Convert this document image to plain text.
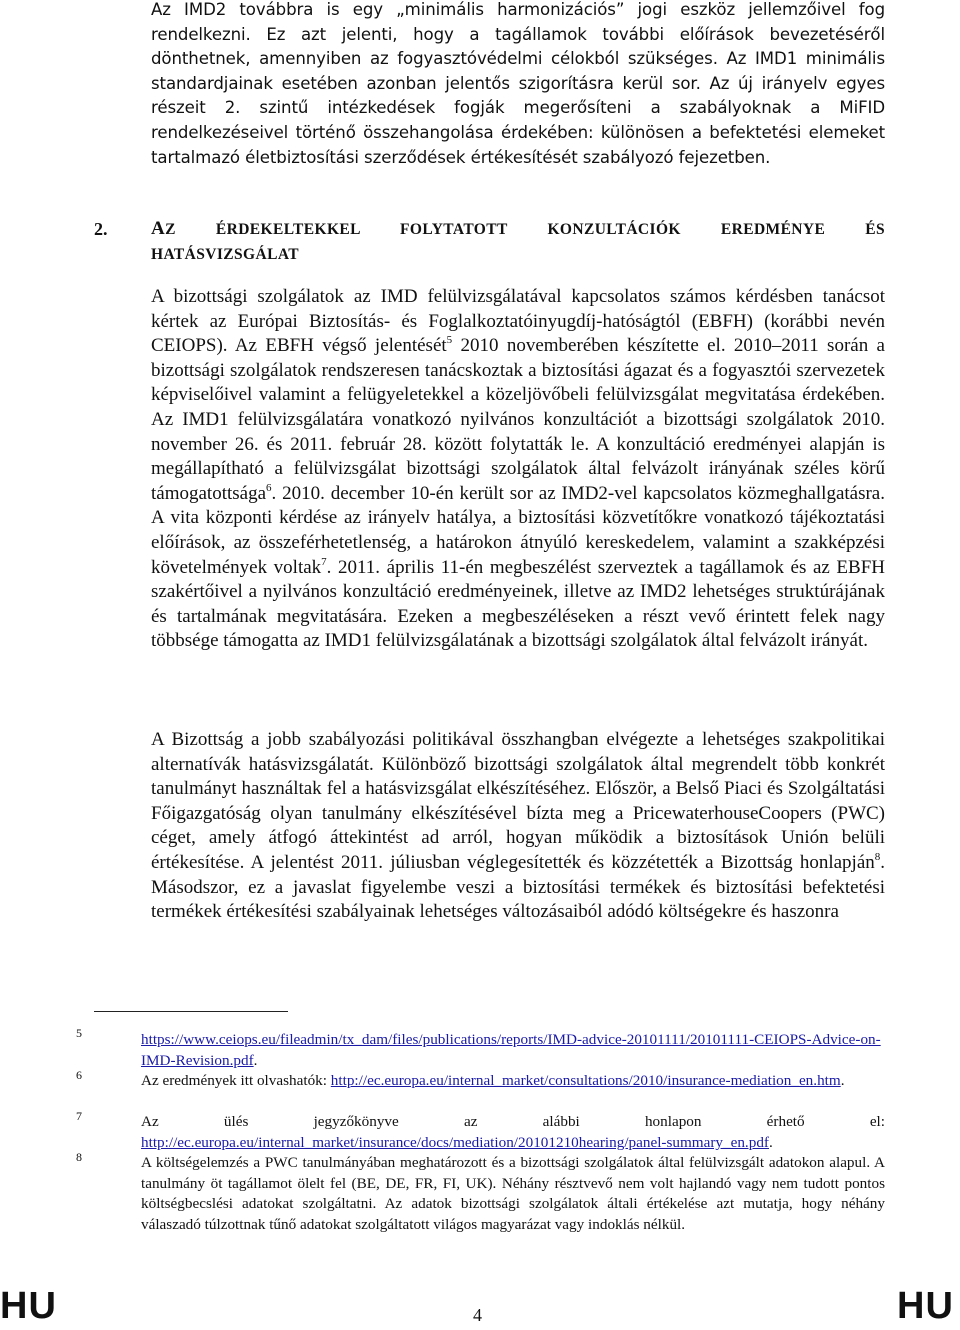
Az IMD2 továbbra is egy „minimális harmonizációs” jogi eszköz jellemzőivel fog rendelkezni. Ez azt jelenti, hogy a tagállamok további előírások bevezetéséről dönthetnek, amennyiben az fogyasztóvédelmi célokból szükséges. Az IMD1 minimális standardjainak esetében azonban jelentős szigorításra kerül sor. Az új irányelv egyes részeit 2. szintű intézkedések fogják megerősíteni a szabályoknak a MiFID rendelkezéseivel történő összehangolása érdekében: különösen a befektetési elemeket tartalmazó életbiztosítási szerződések értékesítését szabályozó fejezetben.

2. AZ ÉRDEKELTEKKEL FOLYTATOTT KONZULTÁCIÓK EREDMÉNYE ÉS

HATÁSVIZSGÁLAT

A bizottsági szolgálatok az IMD felülvizsgálatával kapcsolatos számos kérdésben tanácsot kértek az Európai Biztosítás- és Foglalkoztatóinyugdíj-hatóságtól (EBFH) (korábbi nevén CEIOPS). Az EBFH végső jelentését$^5$ 2010 novemberében készítette el. 2010–2011 során a bizottsági szolgálatok rendszeresen tanácskoztak a biztosítási ágazat és a fogyasztói szervezetek képviselőivel valamint a felügyeletekkel a közeljövőbeli felülvizsgálat megvitatása érdekében. Az IMD1 felülvizsgálatára vonatkozó nyilvános konzultációt a bizottsági szolgálatok 2010. november 26. és 2011. február 28. között folytatták le. A konzultáció eredményei alapján is megállapítható a felülvizsgálat bizottsági szolgálatok által felvázolt irányának széles körű támogatottsága$^6$. 2010. december 10-én került sor az IMD2-vel kapcsolatos közmeghallgatásra. A vita központi kérdése az irányelv hatálya, a biztosítási közvetítőkre vonatkozó tájékoztatási előírások, az összeférhetetlenség, a határokon átnyúló kereskedelem, valamint a szakképzési követelmények voltak$^7$. 2011. április 11-én megbeszélést szerveztek a tagállamok és az EBFH szakértőivel a nyilvános konzultáció eredményeinek, illetve az IMD2 lehetséges struktúrájának és tartalmának megvitatására. Ezeken a megbeszéléseken a részt vevő érintett felek nagy többsége támogatta az IMD1 felülvizsgálatának a bizottsági szolgálatok által felvázolt irányát.

A Bizottság a jobb szabályozási politikával összhangban elvégezte a lehetséges szakpolitikai alternatívák hatásvizsgálatát. Különböző bizottsági szolgálatok által megrendelt több konkrét tanulmányt használtak fel a hatásvizsgálat elkészítéséhez. Először, a Belső Piaci és Szolgáltatási Főigazgatóság olyan tanulmány elkészítésével bízta meg a PricewaterhouseCoopers (PWC) céget, amely átfogó áttekintést ad arról, hogyan működik a biztosítások Unión belüli értékesítése. A jelentést 2011. júliusban véglegesítették és közzétették a Bizottság honlapján$^8$. Másodszor, ez a javaslat figyelembe veszi a biztosítási termékek és biztosítási befektetési termékek értékesítési szabályainak lehetséges változásaiból adódó költségekre és haszonra

5	https://www.ceiops.eu/fileadmin/tx_dam/files/publications/reports/IMD-advice-20101111/20101111-CEIOPS-Advice-on-IMD-Revision.pdf.

6	Az eredmények itt olvashatók: http://ec.europa.eu/internal_market/consultations/2010/insurance-mediation_en.htm.

7	Az ülés jegyzőkönyve az alábbi honlapon érhető el:

http://ec.europa.eu/internal_market/insurance/docs/mediation/20101210hearing/panel-summary_en.pdf.

8	A költségelemzés a PWC tanulmányában meghatározott és a bizottsági szolgálatok által felülvizsgált adatokon alapul. A tanulmány öt tagállamot ölelt fel (BE, DE, FR, FI, UK). Néhány résztvevő nem volt hajlandó vagy nem tudott pontos költségbecslési adatokat szolgáltatni. Az adatok bizottsági szolgálatok általi értékelése azt mutatja, hogy néhány válaszadó túlzottnak tűnő adatokat szolgáltatott világos magyarázat vagy indoklás nélkül.

HU	4	HU
